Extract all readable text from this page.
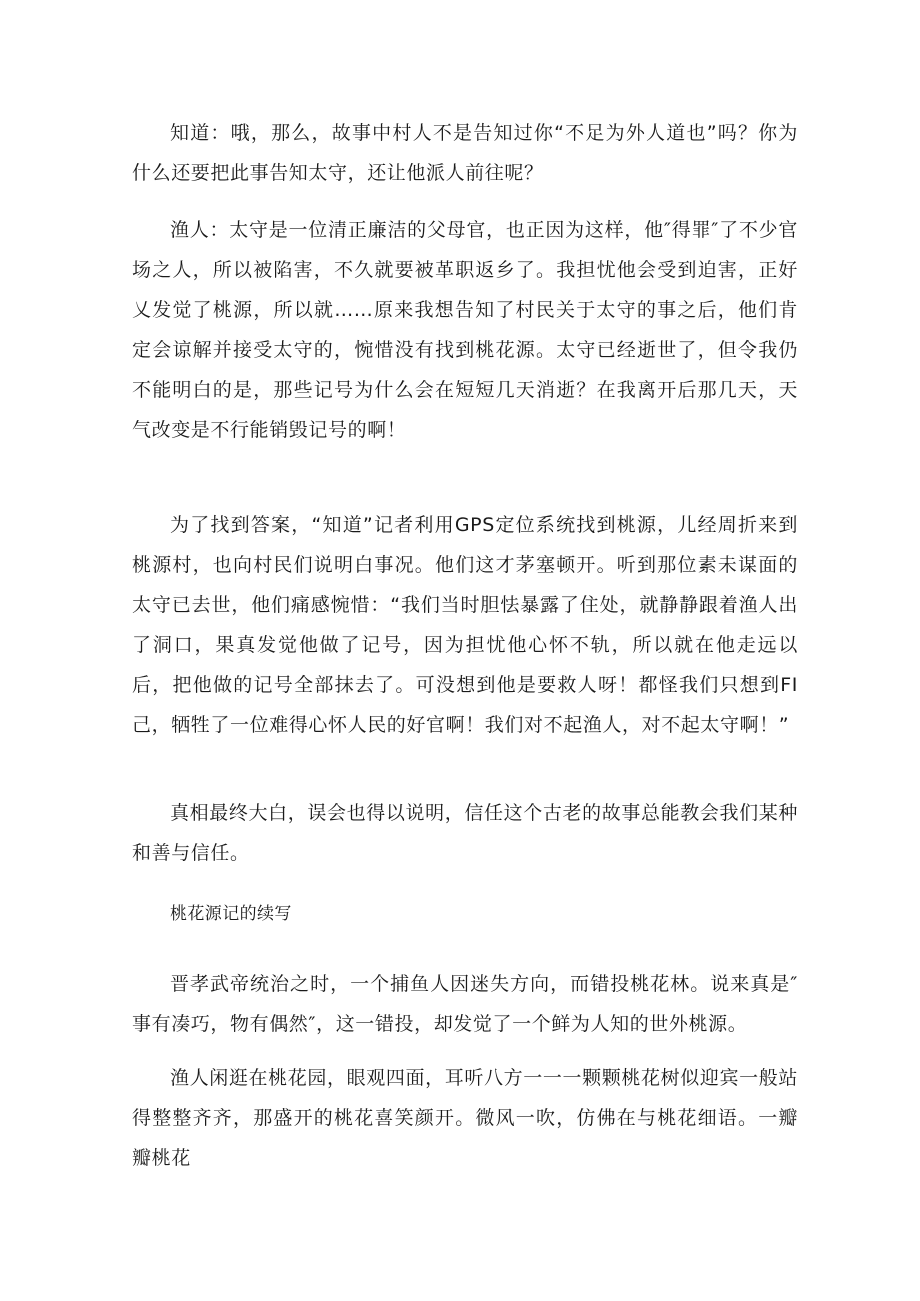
知道：哦，那么，故事中村人不是告知过你“不足为外人道也”吗？你为什么还要把此事告知太守，还让他派人前往呢？

渔人：太守是一位清正廉洁的父母官，也正因为这样，他″得罪″了不少官场之人，所以被陷害，不久就要被革职返乡了。我担忧他会受到迫害，正好乂发觉了桃源，所以就……原来我想告知了村民关于太守的事之后，他们肯定会谅解并接受太守的，惋惜没有找到桃花源。太守已经逝世了，但令我仍不能明白的是，那些记号为什么会在短短几天消逝？在我离开后那几天，天气改变是不行能销毁记号的啊！

为了找到答案，“知道”记者利用GPS定位系统找到桃源，儿经周折来到桃源村，也向村民们说明白事况。他们这才茅塞顿开。听到那位素未谋面的太守已去世，他们痛感惋惜：“我们当时胆怯暴露了住处，就静静跟着渔人出了洞口，果真发觉他做了记号，因为担忧他心怀不轨，所以就在他走远以后，把他做的记号全部抹去了。可没想到他是要救人呀！都怪我们只想到FI己，牺牲了一位难得心怀人民的好官啊！我们对不起渔人，对不起太守啊！”

真相最终大白，误会也得以说明，信任这个古老的故事总能教会我们某种和善与信任。

桃花源记的续写

晋孝武帝统治之时，一个捕鱼人因迷失方向，而错投桃花林。说来真是″事有凑巧，物有偶然″，这一错投，却发觉了一个鲜为人知的世外桃源。

渔人闲逛在桃花园，眼观四面，耳听八方一一一颗颗桃花树似迎宾一般站得整整齐齐，那盛开的桃花喜笑颜开。微风一吹，仿佛在与桃花细语。一瓣瓣桃花
